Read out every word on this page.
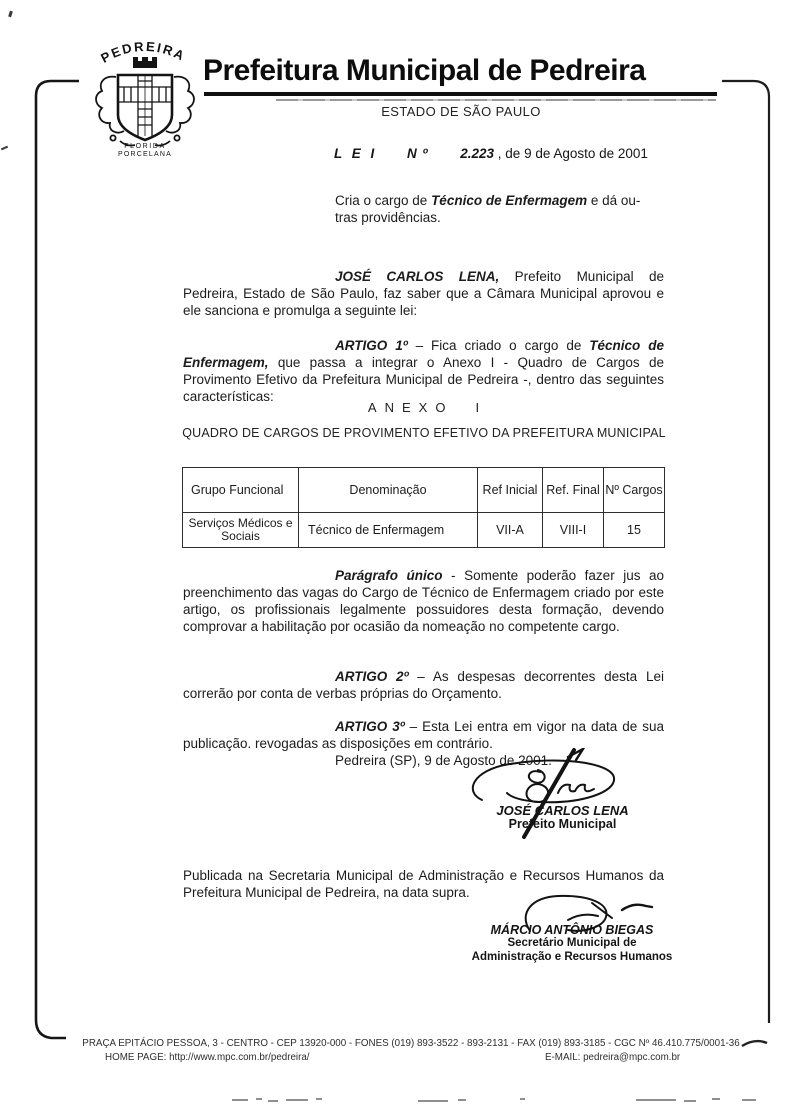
PEDREIRA
FLORIDA
PORCELANA
Prefeitura Municipal de Pedreira
ESTADO DE SÃO PAULO
L E I N º 2.223 , de 9 de Agosto de 2001
Cria o cargo de Técnico de Enfermagem e dá ou-
tras providências.

JOSÉ CARLOS LENA, Prefeito Municipal de Pedreira, Estado de São Paulo, faz saber que a Câmara Municipal aprovou e ele sanciona e promulga a seguinte lei:

ARTIGO 1º – Fica criado o cargo de Técnico de Enfermagem, que passa a integrar o Anexo I - Quadro de Cargos de Provimento Efetivo da Prefeitura Municipal de Pedreira -, dentro das seguintes características:

ANEXO I
QUADRO DE CARGOS DE PROVIMENTO EFETIVO DA PREFEITURA MUNICIPAL
Grupo Funcional	Denominação	Ref Inicial	Ref. Final	Nº Cargos
Serviços Médicos e
Sociais	Técnico de Enfermagem	VII-A	VIII-I	15

Parágrafo único - Somente poderão fazer jus ao preenchimento das vagas do Cargo de Técnico de Enfermagem criado por este artigo, os profissionais legalmente possuidores desta formação, devendo comprovar a habilitação por ocasião da nomeação no competente cargo.

ARTIGO 2º – As despesas decorrentes desta Lei correrão por conta de verbas próprias do Orçamento.

ARTIGO 3º – Esta Lei entra em vigor na data de sua publicação. revogadas as disposições em contrário.

Pedreira (SP), 9 de Agosto de 2001.
JOSÉ CARLOS LENA
Prefeito Municipal

Publicada na Secretaria Municipal de Administração e Recursos Humanos da Prefeitura Municipal de Pedreira, na data supra.

MÁRCIO ANTÔNIO BIEGAS
Secretário Municipal de
Administração e Recursos Humanos
PRAÇA EPITÁCIO PESSOA, 3 - CENTRO - CEP 13920-000 - FONES (019) 893-3522 - 893-2131 - FAX (019) 893-3185 - CGC Nº 46.410.775/0001-36
HOME PAGE: http://www.mpc.com.br/pedreira/	E-MAIL: pedreira@mpc.com.br
